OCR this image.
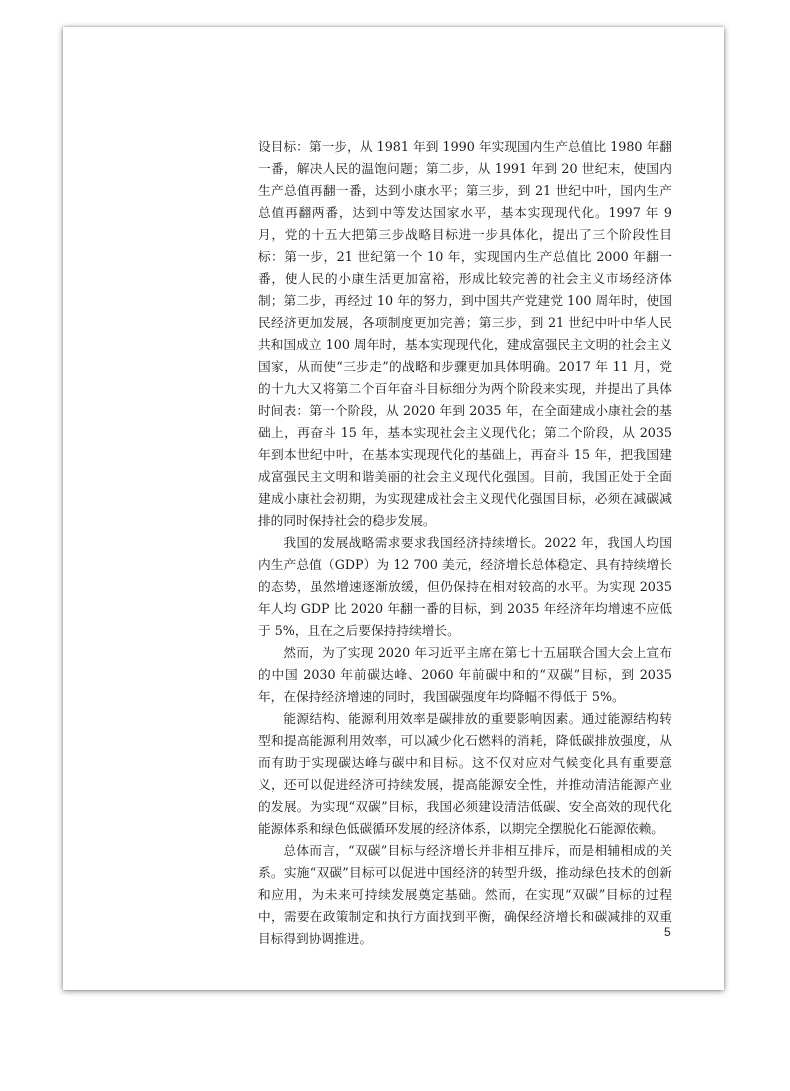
设目标：第一步，从 1981 年到 1990 年实现国内生产总值比 1980 年翻一番，解决人民的温饱问题；第二步，从 1991 年到 20 世纪末，使国内生产总值再翻一番，达到小康水平；第三步，到 21 世纪中叶，国内生产总值再翻两番，达到中等发达国家水平，基本实现现代化。1997 年 9 月，党的十五大把第三步战略目标进一步具体化，提出了三个阶段性目标：第一步，21 世纪第一个 10 年，实现国内生产总值比 2000 年翻一番，使人民的小康生活更加富裕，形成比较完善的社会主义市场经济体制；第二步，再经过 10 年的努力，到中国共产党建党 100 周年时，使国民经济更加发展，各项制度更加完善；第三步，到 21 世纪中叶中华人民共和国成立 100 周年时，基本实现现代化，建成富强民主文明的社会主义国家，从而使“三步走”的战略和步骤更加具体明确。2017 年 11 月，党的十九大又将第二个百年奋斗目标细分为两个阶段来实现，并提出了具体时间表：第一个阶段，从 2020 年到 2035 年，在全面建成小康社会的基础上，再奋斗 15 年，基本实现社会主义现代化；第二个阶段，从 2035 年到本世纪中叶，在基本实现现代化的基础上，再奋斗 15 年，把我国建成富强民主文明和谐美丽的社会主义现代化强国。目前，我国正处于全面建成小康社会初期，为实现建成社会主义现代化强国目标，必须在减碳减排的同时保持社会的稳步发展。

我国的发展战略需求要求我国经济持续增长。2022 年，我国人均国内生产总值（GDP）为 12 700 美元，经济增长总体稳定、具有持续增长的态势，虽然增速逐渐放缓，但仍保持在相对较高的水平。为实现 2035 年人均 GDP 比 2020 年翻一番的目标，到 2035 年经济年均增速不应低于 5%，且在之后要保持持续增长。

然而，为了实现 2020 年习近平主席在第七十五届联合国大会上宣布的中国 2030 年前碳达峰、2060 年前碳中和的“双碳”目标，到 2035 年，在保持经济增速的同时，我国碳强度年均降幅不得低于 5%。

能源结构、能源利用效率是碳排放的重要影响因素。通过能源结构转型和提高能源利用效率，可以减少化石燃料的消耗，降低碳排放强度，从而有助于实现碳达峰与碳中和目标。这不仅对应对气候变化具有重要意义，还可以促进经济可持续发展，提高能源安全性，并推动清洁能源产业的发展。为实现“双碳”目标，我国必须建设清洁低碳、安全高效的现代化能源体系和绿色低碳循环发展的经济体系，以期完全摆脱化石能源依赖。

总体而言，“双碳”目标与经济增长并非相互排斥，而是相辅相成的关系。实施“双碳”目标可以促进中国经济的转型升级，推动绿色技术的创新和应用，为未来可持续发展奠定基础。然而，在实现“双碳”目标的过程中，需要在政策制定和执行方面找到平衡，确保经济增长和碳减排的双重目标得到协调推进。	5
